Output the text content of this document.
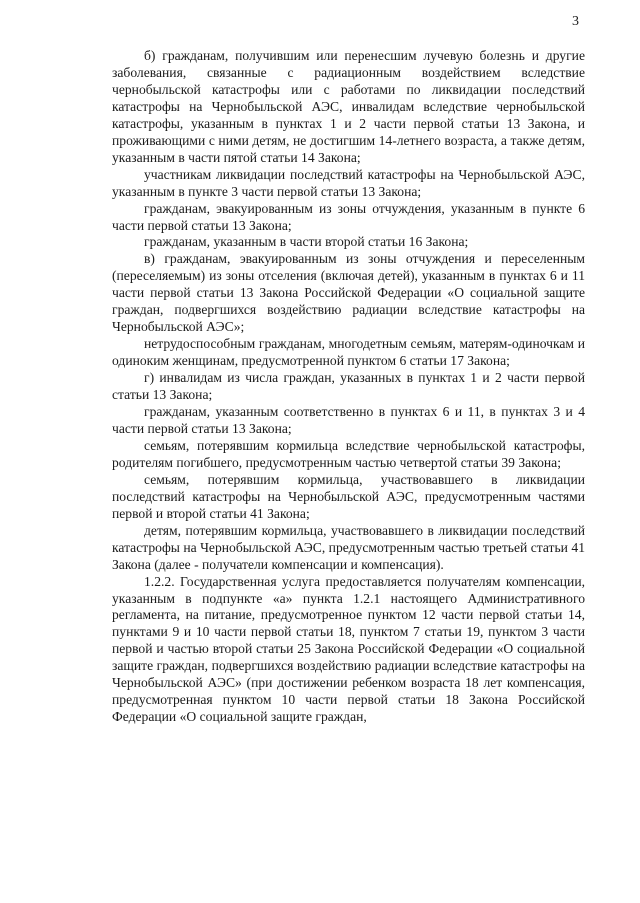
3

б) гражданам, получившим или перенесшим лучевую болезнь и другие заболевания, связанные с радиационным воздействием вследствие чернобыльской катастрофы или с работами по ликвидации последствий катастрофы на Чернобыльской АЭС, инвалидам вследствие чернобыльской катастрофы, указанным в пунктах 1 и 2 части первой статьи 13 Закона, и проживающими с ними детям, не достигшим 14-летнего возраста, а также детям, указанным в части пятой статьи 14 Закона;

участникам ликвидации последствий катастрофы на Чернобыльской АЭС, указанным в пункте 3 части первой статьи 13 Закона;

гражданам, эвакуированным из зоны отчуждения, указанным в пункте 6 части первой статьи 13 Закона;

гражданам, указанным в части второй статьи 16 Закона;

в) гражданам, эвакуированным из зоны отчуждения и переселенным (переселяемым) из зоны отселения (включая детей), указанным в пунктах 6 и 11 части первой статьи 13 Закона Российской Федерации «О социальной защите граждан, подвергшихся воздействию радиации вследствие катастрофы на Чернобыльской АЭС»;

нетрудоспособным гражданам, многодетным семьям, матерям-одиночкам и одиноким женщинам, предусмотренной пунктом 6 статьи 17 Закона;

г) инвалидам из числа граждан, указанных в пунктах 1 и 2 части первой статьи 13 Закона;

гражданам, указанным соответственно в пунктах 6 и 11, в пунктах 3 и 4 части первой статьи 13 Закона;

семьям, потерявшим кормильца вследствие чернобыльской катастрофы, родителям погибшего, предусмотренным частью четвертой статьи 39 Закона;

семьям, потерявшим кормильца, участвовавшего в ликвидации последствий катастрофы на Чернобыльской АЭС, предусмотренным частями первой и второй статьи 41 Закона;

детям, потерявшим кормильца, участвовавшего в ликвидации последствий катастрофы на Чернобыльской АЭС, предусмотренным частью третьей статьи 41 Закона (далее - получатели компенсации и компенсация).

1.2.2. Государственная услуга предоставляется получателям компенсации, указанным в подпункте «а» пункта 1.2.1 настоящего Административного регламента, на питание, предусмотренное пунктом 12 части первой статьи 14, пунктами 9 и 10 части первой статьи 18, пунктом 7 статьи 19, пунктом 3 части первой и частью второй статьи 25 Закона Российской Федерации «О социальной защите граждан, подвергшихся воздействию радиации вследствие катастрофы на Чернобыльской АЭС» (при достижении ребенком возраста 18 лет компенсация, предусмотренная пунктом 10 части первой статьи 18 Закона Российской Федерации «О социальной защите граждан,
